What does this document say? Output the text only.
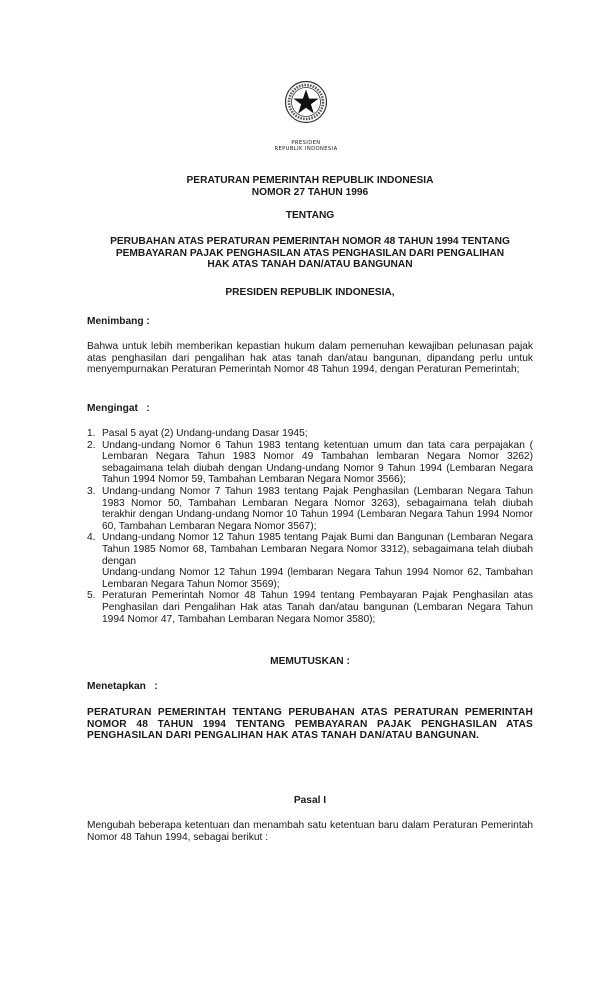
PRESIDEN
REPUBLIK INDONESIA
PERATURAN PEMERINTAH REPUBLIK INDONESIA
NOMOR 27 TAHUN 1996
TENTANG
PERUBAHAN ATAS PERATURAN PEMERINTAH NOMOR 48 TAHUN 1994 TENTANG
PEMBAYARAN PAJAK PENGHASILAN ATAS PENGHASILAN DARI PENGALIHAN
HAK ATAS TANAH DAN/ATAU BANGUNAN
PRESIDEN REPUBLIK INDONESIA,
Menimbang :
Bahwa untuk lebih memberikan kepastian hukum dalam pemenuhan kewajiban pelunasan pajak atas penghasilan dari pengalihan hak atas tanah dan/atau bangunan, dipandang perlu untuk menyempurnakan Peraturan Pemerintah Nomor 48 Tahun 1994, dengan Peraturan Pemerintah;
Mengingat   :
1. Pasal 5 ayat (2) Undang-undang Dasar 1945;
2. Undang-undang Nomor 6 Tahun 1983 tentang ketentuan umum dan tata cara perpajakan ( Lembaran Negara Tahun 1983 Nomor 49 Tambahan lembaran Negara Nomor 3262) sebagaimana telah diubah dengan Undang-undang Nomor 9 Tahun 1994 (Lembaran Negara Tahun 1994 Nomor 59, Tambahan Lembaran Negara Nomor 3566);
3. Undang-undang Nomor 7 Tahun 1983 tentang Pajak Penghasilan (Lembaran Negara Tahun 1983 Nomor 50, Tambahan Lembaran Negara Nomor 3263), sebagaimana telah diubah terakhir dengan Undang-undang Nomor 10 Tahun 1994 (Lembaran Negara Tahun 1994 Nomor 60, Tambahan Lembaran Negara Nomor 3567);
4. Undang-undang Nomor 12 Tahun 1985 tentang Pajak Bumi dan Bangunan (Lembaran Negara Tahun 1985 Nomor 68, Tambahan Lembaran Negara Nomor 3312), sebagaimana telah diubah dengan
Undang-undang Nomor 12 Tahun 1994 (lembaran Negara Tahun 1994 Nomor 62, Tambahan Lembaran Negara Tahun Nomor 3569);
5. Peraturan Pemerintah Nomor 48 Tahun 1994 tentang Pembayaran Pajak Penghasilan atas Penghasilan dari Pengalihan Hak atas Tanah dan/atau bangunan (Lembaran Negara Tahun 1994 Nomor 47, Tambahan Lembaran Negara Nomor 3580);
MEMUTUSKAN :
Menetapkan   :
PERATURAN PEMERINTAH TENTANG PERUBAHAN ATAS PERATURAN PEMERINTAH NOMOR 48 TAHUN 1994 TENTANG PEMBAYARAN PAJAK PENGHASILAN ATAS PENGHASILAN DARI PENGALIHAN HAK ATAS TANAH DAN/ATAU BANGUNAN.
Pasal I
Mengubah beberapa ketentuan dan menambah satu ketentuan baru dalam Peraturan Pemerintah Nomor 48 Tahun 1994, sebagai berikut :
